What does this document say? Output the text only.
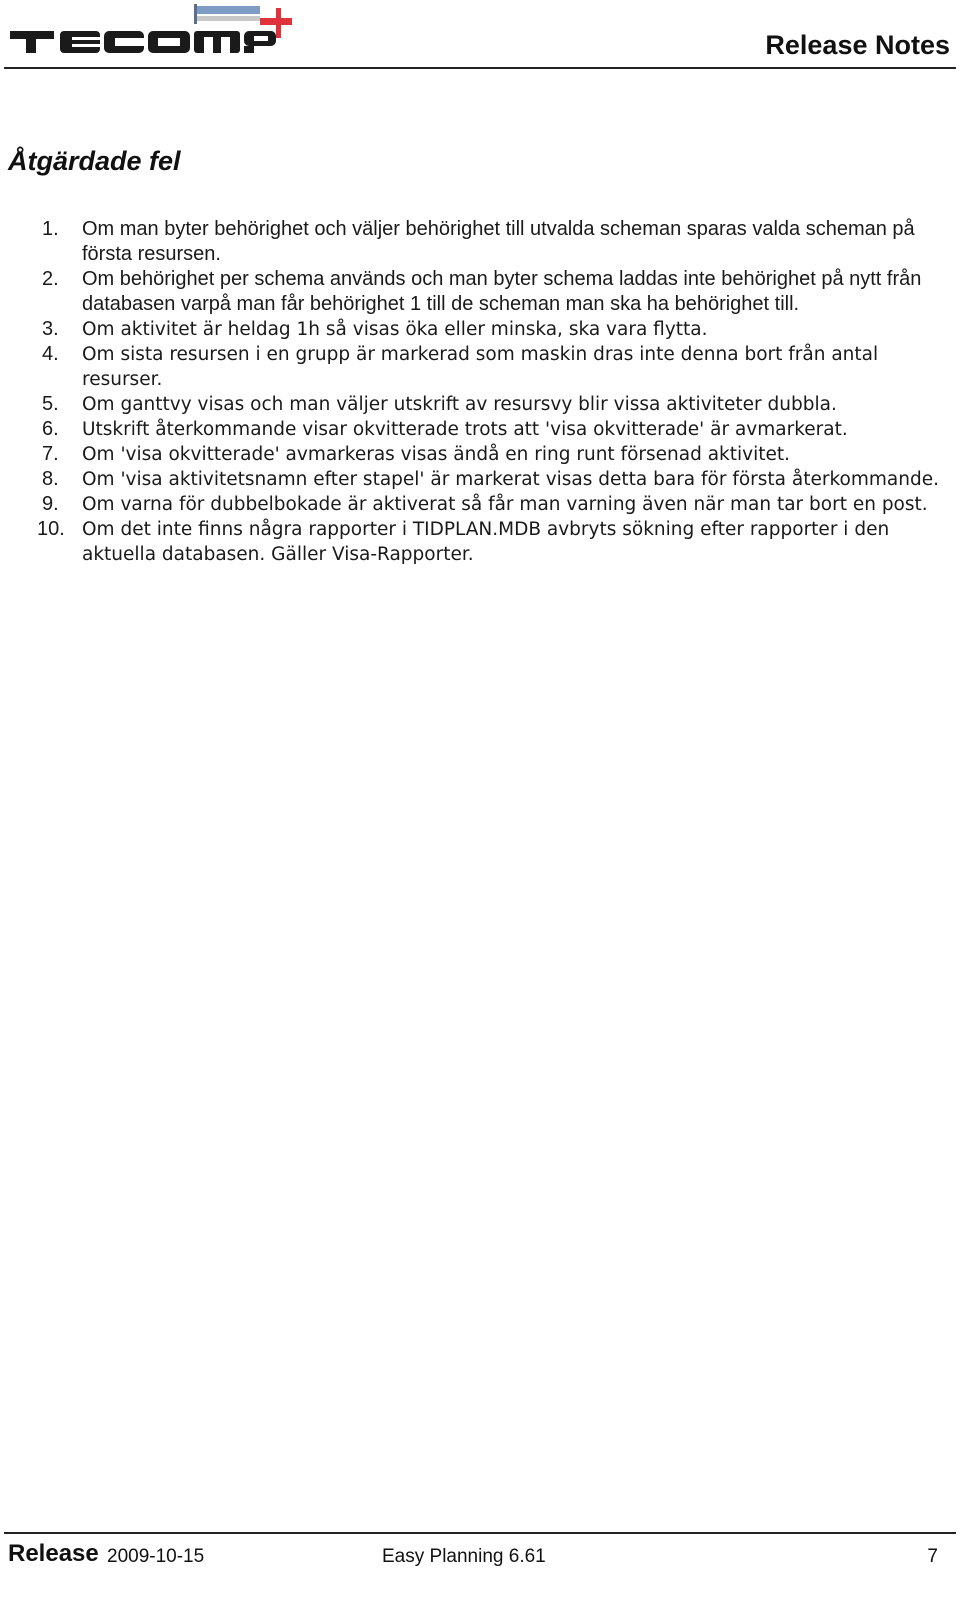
Release Notes
Åtgärdade fel
1.	Om man byter behörighet och väljer behörighet till utvalda scheman sparas valda scheman på första resursen.
2.	Om behörighet per schema används och man byter schema laddas inte behörighet på nytt från databasen varpå man får behörighet 1 till de scheman man ska ha behörighet till.
3.	Om aktivitet är heldag 1h så visas öka eller minska, ska vara flytta.
4.	Om sista resursen i en grupp är markerad som maskin dras inte denna bort från antal resurser.
5.	Om ganttvy visas och man väljer utskrift av resursvy blir vissa aktiviteter dubbla.
6.	Utskrift återkommande visar okvitterade trots att 'visa okvitterade' är avmarkerat.
7.	Om 'visa okvitterade' avmarkeras visas ändå en ring runt försenad aktivitet.
8.	Om 'visa aktivitetsnamn efter stapel' är markerat visas detta bara för första återkommande.
9.	Om varna för dubbelbokade är aktiverat så får man varning även när man tar bort en post.
10. Om det inte finns några rapporter i TIDPLAN.MDB avbryts sökning efter rapporter i den aktuella databasen. Gäller Visa-Rapporter.
Release 2009-10-15	Easy Planning 6.61	7
